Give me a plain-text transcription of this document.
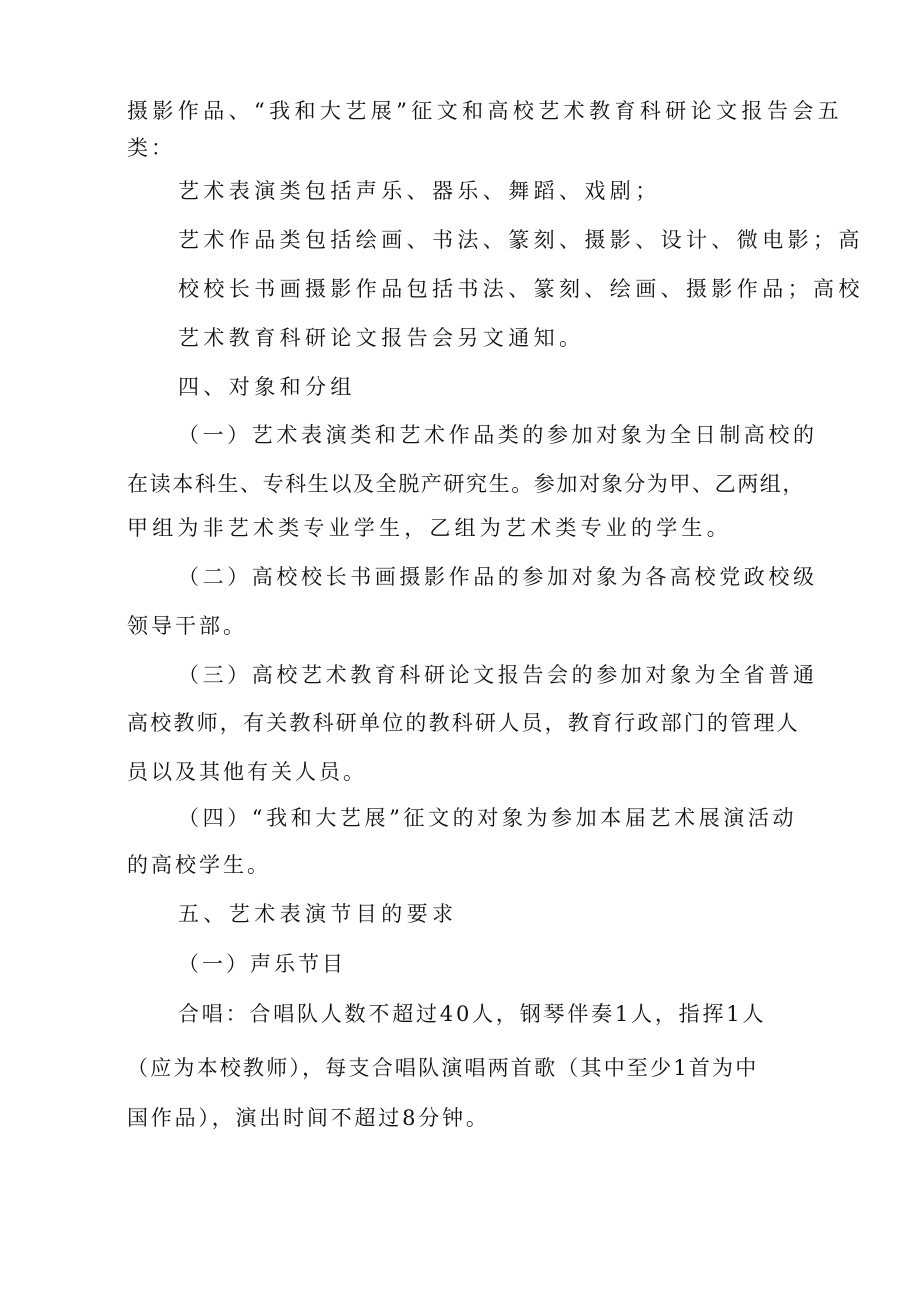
摄影作品、“我和大艺展”征文和高校艺术教育科研论文报告会五
类：
艺术表演类包括声乐、器乐、舞蹈、戏剧；
艺术作品类包括绘画、书法、篆刻、摄影、设计、微电影；高
校校长书画摄影作品包括书法、篆刻、绘画、摄影作品；高校
艺术教育科研论文报告会另文通知。
四、对象和分组
（一）艺术表演类和艺术作品类的参加对象为全日制高校的
在读本科生、专科生以及全脱产研究生。参加对象分为甲、乙两组，
甲组为非艺术类专业学生，乙组为艺术类专业的学生。
（二）高校校长书画摄影作品的参加对象为各高校党政校级
领导干部。
（三）高校艺术教育科研论文报告会的参加对象为全省普通
高校教师，有关教科研单位的教科研人员，教育行政部门的管理人
员以及其他有关人员。
（四）“我和大艺展”征文的对象为参加本届艺术展演活动
的高校学生。
五、艺术表演节目的要求
（一）声乐节目
合唱：合唱队人数不超过40人，钢琴伴奏1人，指挥1人
（应为本校教师），每支合唱队演唱两首歌（其中至少1首为中
国作品），演出时间不超过8分钟。
